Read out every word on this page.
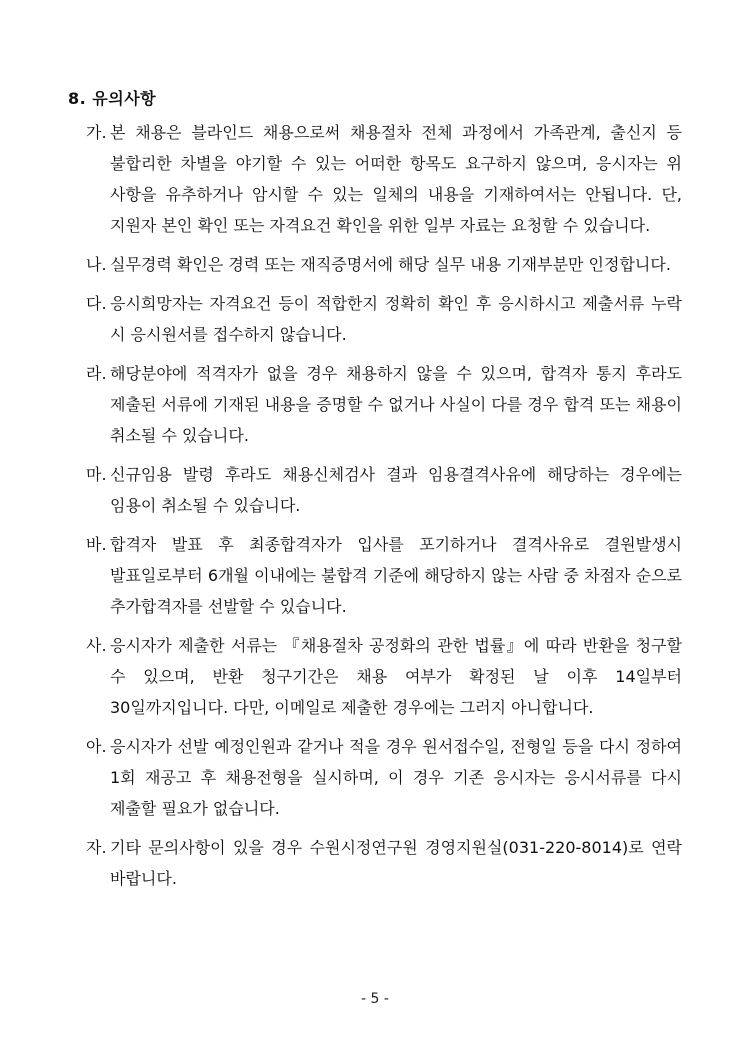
8. 유의사항
가. 본 채용은 블라인드 채용으로써 채용절차 전체 과정에서 가족관계, 출신지 등 불합리한 차별을 야기할 수 있는 어떠한 항목도 요구하지 않으며, 응시자는 위 사항을 유추하거나 암시할 수 있는 일체의 내용을 기재하여서는 안됩니다. 단, 지원자 본인 확인 또는 자격요건 확인을 위한 일부 자료는 요청할 수 있습니다.
나. 실무경력 확인은 경력 또는 재직증명서에 해당 실무 내용 기재부분만 인정합니다.
다. 응시희망자는 자격요건 등이 적합한지 정확히 확인 후 응시하시고 제출서류 누락 시 응시원서를 접수하지 않습니다.
라. 해당분야에 적격자가 없을 경우 채용하지 않을 수 있으며, 합격자 통지 후라도 제출된 서류에 기재된 내용을 증명할 수 없거나 사실이 다를 경우 합격 또는 채용이 취소될 수 있습니다.
마. 신규임용 발령 후라도 채용신체검사 결과 임용결격사유에 해당하는 경우에는 임용이 취소될 수 있습니다.
바. 합격자 발표 후 최종합격자가 입사를 포기하거나 결격사유로 결원발생시 발표일로부터 6개월 이내에는 불합격 기준에 해당하지 않는 사람 중 차점자 순으로 추가합격자를 선발할 수 있습니다.
사. 응시자가 제출한 서류는 『채용절차 공정화의 관한 법률』에 따라 반환을 청구할 수 있으며, 반환 청구기간은 채용 여부가 확정된 날 이후 14일부터 30일까지입니다. 다만, 이메일로 제출한 경우에는 그러지 아니합니다.
아. 응시자가 선발 예정인원과 같거나 적을 경우 원서접수일, 전형일 등을 다시 정하여 1회 재공고 후 채용전형을 실시하며, 이 경우 기존 응시자는 응시서류를 다시 제출할 필요가 없습니다.
자. 기타 문의사항이 있을 경우 수원시정연구원 경영지원실(031-220-8014)로 연락 바랍니다.
- 5 -
